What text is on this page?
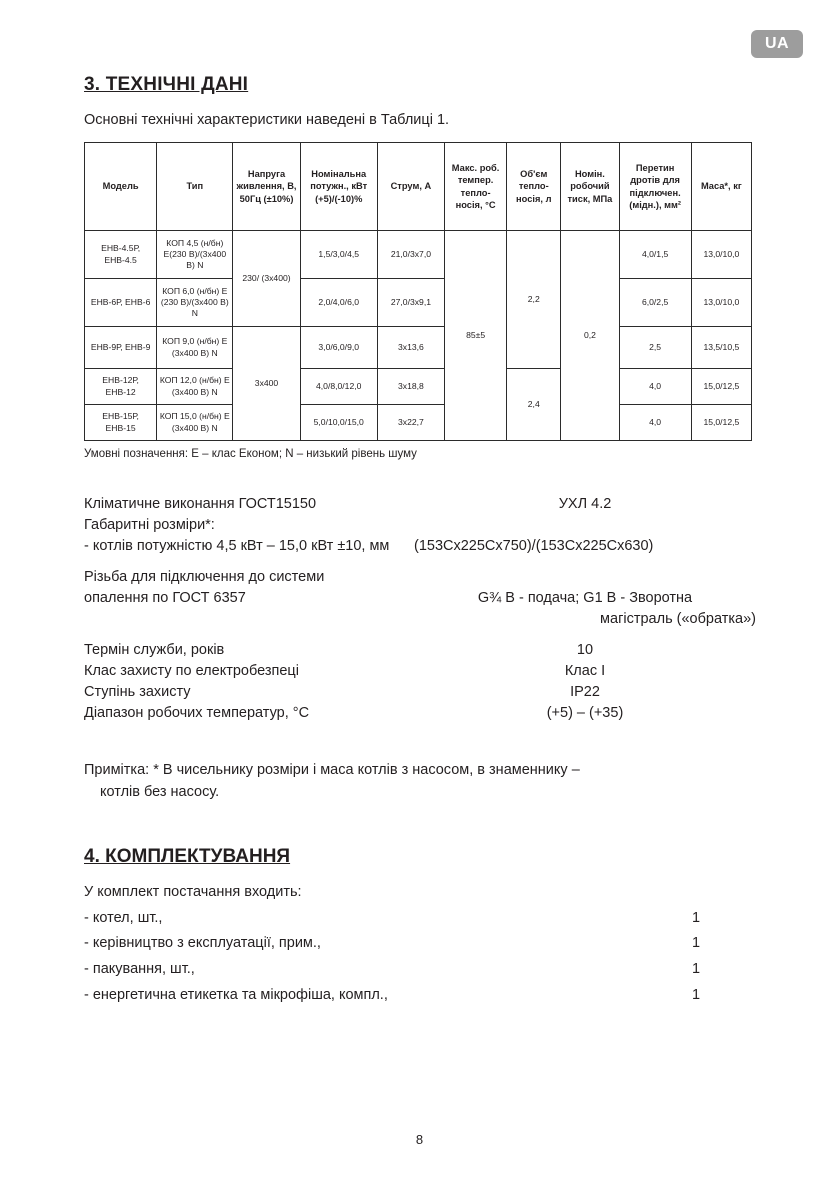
UA
3. ТЕХНІЧНІ ДАНІ

Основні технічні характеристики наведені в Таблиці 1.

Модель	Тип	Напруга живлення, В, 50Гц (±10%)	Номінальна потужн., кВт (+5)/(-10)%	Струм, А	Макс. роб. темпер. тепло-носія, °С	Об'єм тепло-носія, л	Номін. робочий тиск, МПа	Перетин дротів для підключен. (мідн.), мм²	Маса*, кг
ЕНВ-4.5Р, ЕНВ-4.5	КОП 4,5 (н/бн) Е(230 В)/(3х400 В) N	230/ (3х400)	1,5/3,0/4,5	21,0/3х7,0	85±5	2,2	0,2	4,0/1,5	13,0/10,0
ЕНВ-6Р, ЕНВ-6	КОП 6,0 (н/бн) Е (230 В)/(3х400 В) N		2,0/4,0/6,0	27,0/3х9,1				6,0/2,5	13,0/10,0
ЕНВ-9Р, ЕНВ-9	КОП 9,0 (н/бн) Е (3х400 В) N	3х400	3,0/6,0/9,0	3х13,6				2,5	13,5/10,5
ЕНВ-12Р, ЕНВ-12	КОП 12,0 (н/бн) Е (3х400 В) N		4,0/8,0/12,0	3х18,8		2,4		4,0	15,0/12,5
ЕНВ-15Р, ЕНВ-15	КОП 15,0 (н/бн) Е (3х400 В) N		5,0/10,0/15,0	3х22,7				4,0	15,0/12,5
Умовні позначення: Е – клас Економ; N – низький рівень шуму
Кліматичне виконання ГОСТ15150	УХЛ 4.2
Габаритні розміри*:
- котлів потужністю 4,5 кВт – 15,0 кВт ±10, мм	(153Сх225Сх750)/(153Сх225Сх630)
Різьба для підключення до системи
опалення по ГОСТ 6357	G¾ В - подача; G1 В - Зворотна
магістраль («обратка»)
Термін служби, років	10
Клас захисту по електробезпеці	Клас І
Ступінь захисту	IP22
Діапазон робочих температур, °С	(+5) – (+35)
Примітка: * В чисельнику розміри і маса котлів з насосом, в знаменнику –
котлів без насосу.
4. КОМПЛЕКТУВАННЯ

У комплект постачання входить:

- котел, шт.,	1
- керівництво з експлуатації, прим.,	1
- пакування, шт.,	1
- енергетична етикетка та мікрофіша, компл.,	1
8
